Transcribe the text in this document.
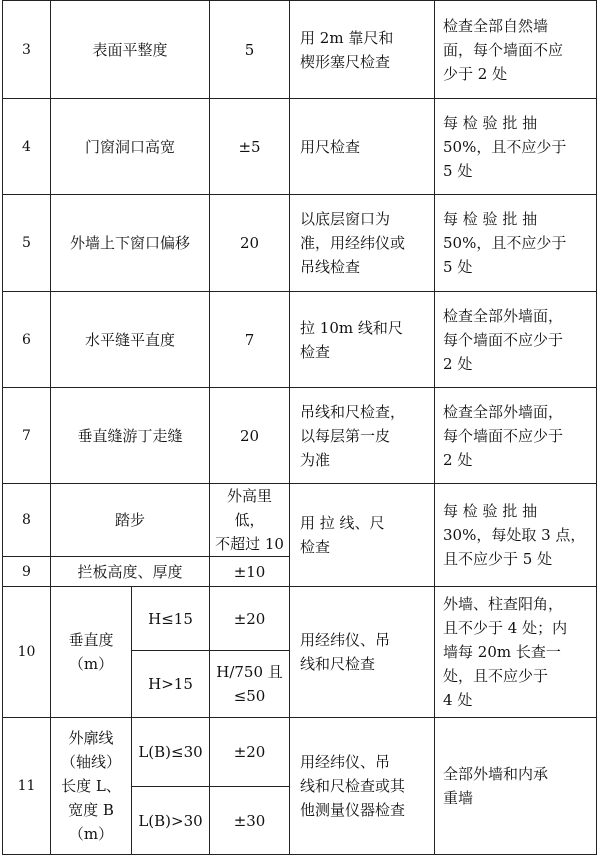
3	表面平整度		5	用 2m 靠尺和
楔形塞尺检查	检查全部自然墙
面，每个墙面不应
少于 2 处
4	门窗洞口高宽		±5	用尺检查	每 检 验 批 抽
50%，且不应少于
5 处
5	外墙上下窗口偏移		20	以底层窗口为
准，用经纬仪或
吊线检查	每 检 验 批 抽
50%，且不应少于
5 处
6	水平缝平直度		7	拉 10m 线和尺
检查	检查全部外墙面，
每个墙面不应少于
2 处
7	垂直缝游丁走缝		20	吊线和尺检查，
以每层第一皮
为准	检查全部外墙面，
每个墙面不应少于
2 处
8	踏步		外高里低，
不超过 10	用 拉 线、尺
检查	每 检 验 批 抽
30%，每处取 3 点，
且不应少于 5 处
9	拦板高度、厚度		±10		
10	垂直度
（m）	H≤15	±20	用经纬仪、吊
线和尺检查	外墙、柱查阳角，
且不少于 4 处；内
墙每 20m 长查一
处，且不应少于
4 处
		H>15	H/750 且
≤50		
11	外廓线
（轴线）
长度 L、
宽度 B
（m）	L(B)≤30	±20	用经纬仪、吊
线和尺检查或其
他测量仪器检查	全部外墙和内承
重墙
		L(B)>30	±30		
